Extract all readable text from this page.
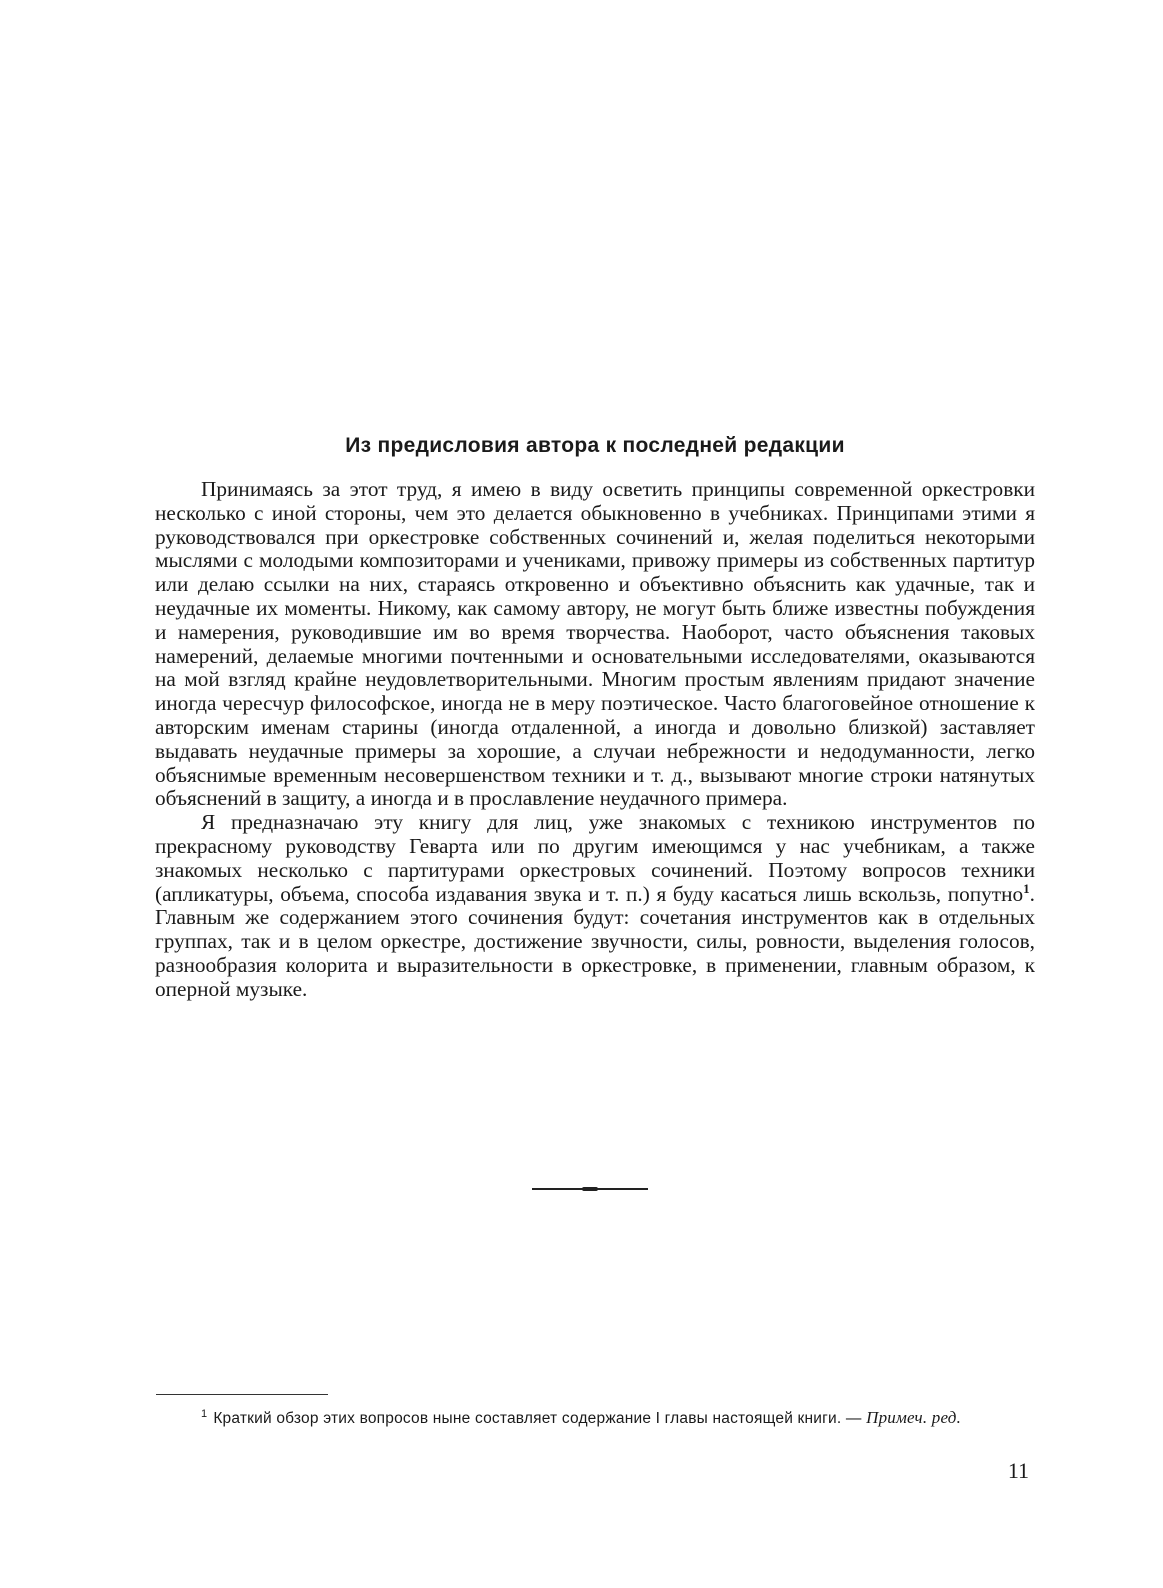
Из предисловия автора к последней редакции

Принимаясь за этот труд, я имею в виду осветить принципы современной оркестровки несколько с иной стороны, чем это делается обыкновенно в учебниках. Принципами этими я руководствовался при оркестровке собственных сочинений и, желая поделиться некоторыми мыслями с молодыми композиторами и учениками, привожу примеры из собственных партитур или делаю ссылки на них, стараясь откровенно и объективно объяснить как удачные, так и неудачные их моменты. Никому, как самому автору, не могут быть ближе известны побуждения и намерения, руководившие им во время творчества. Наоборот, часто объяснения таковых намерений, делаемые многими почтенными и основательными исследователями, оказываются на мой взгляд крайне неудовлетворительными. Многим простым явлениям придают значение иногда чересчур философское, иногда не в меру поэтическое. Часто благоговейное отношение к авторским именам старины (иногда отдаленной, а иногда и довольно близкой) заставляет выдавать неудачные примеры за хорошие, а случаи небрежности и недодуманности, легко объяснимые временным несовершенством техники и т. д., вызывают многие строки натянутых объяснений в защиту, а иногда и в прославление неудачного примера.

Я предназначаю эту книгу для лиц, уже знакомых с техникою инструментов по прекрасному руководству Геварта или по другим имеющимся у нас учебникам, а также знакомых несколько с партитурами оркестровых сочинений. Поэтому вопросов техники (апликатуры, объема, способа издавания звука и т. п.) я буду касаться лишь вскользь, попутно$^1$. Главным же содержанием этого сочинения будут: сочетания инструментов как в отдельных группах, так и в целом оркестре, достижение звучности, силы, ровности, выделения голосов, разнообразия колорита и выразительности в оркестровке, в применении, главным образом, к оперной музыке.

1 Краткий обзор этих вопросов ныне составляет содержание I главы настоящей книги. — Примеч. ред.
11
